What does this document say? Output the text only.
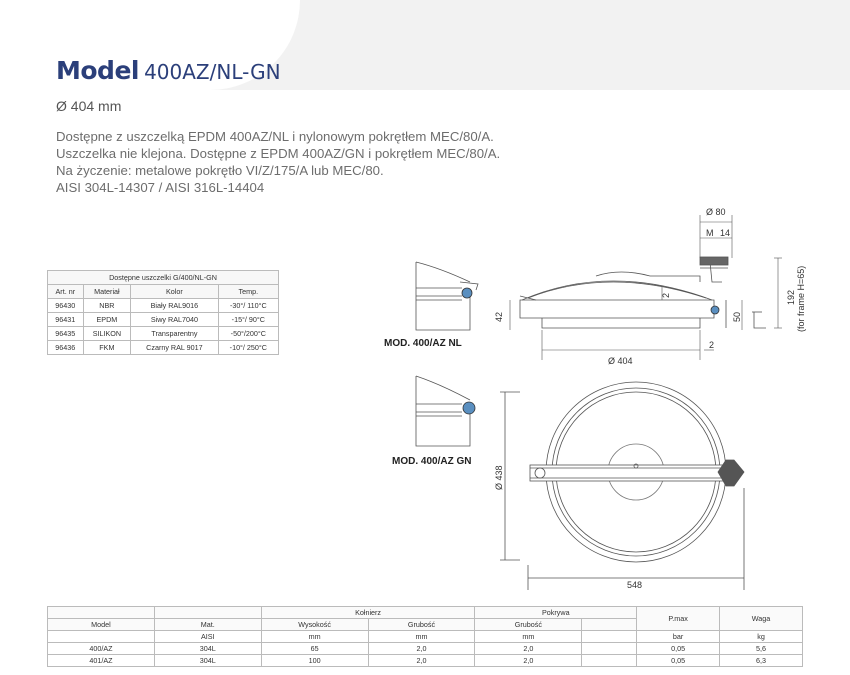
Model 400AZ/NL-GN
Ø 404 mm
Dostępne z uszczelką EPDM 400AZ/NL i nylonowym pokrętłem MEC/80/A.
Uszczelka nie klejona. Dostępne z EPDM 400AZ/GN i pokrętłem MEC/80/A.
Na życzenie: metalowe pokrętło VI/Z/175/A lub MEC/80.
AISI 304L-14307 / AISI 316L-14404
Dostępne uszczelki G/400/NL-GN			
Art. nr	Materiał	Kolor	Temp.
96430	NBR	Biały RAL9016	-30°/ 110°C
96431	EPDM	Siwy RAL7040	-15°/ 90°C
96435	SILIKON	Transparentny	-50°/200°C
96436	FKM	Czarny RAL 9017	-10°/ 250°C
Ø 80
M 14
192 (for frame H=65)
2
42	50
2
Ø 404
Ø 438
548
MOD. 400/AZ NL
MOD. 400/AZ GN
		Kołnierz		Pokrywa		P.max	Waga
Model	Mat.	Wysokość	Grubość	Grubość			
	AISI	mm	mm	mm		bar	kg
400/AZ	304L	65	2,0	2,0		0,05	5,6
401/AZ	304L	100	2,0	2,0		0,05	6,3
